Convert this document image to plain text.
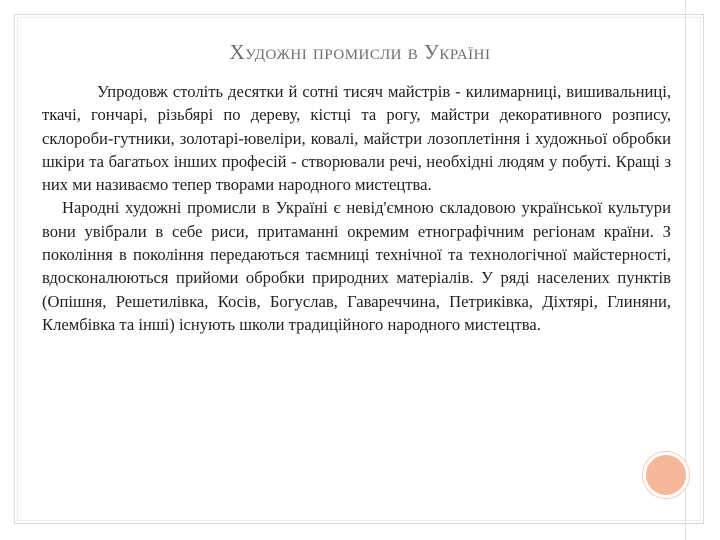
Художні промисли в Україні

Упродовж століть десятки й сотні тисяч майстрів - килимарниці, вишивальниці, ткачі, гончарі, різьбярі по дереву, кістці та рогу, майстри декоративного розпису, склороби-гутники, золотарі-ювеліри, ковалі, майстри лозоплетіння і художньої обробки шкіри та багатьох інших професій - створювали речі, необхідні людям у побуті. Кращі з них ми називаємо тепер творами народного мистецтва.

Народні художні промисли в Україні є невід'ємною складовою української культури вони увібрали в себе риси, притаманні окремим етнографічним регіонам країни. З покоління в покоління передаються таємниці технічної та технологічної майстерності, вдосконалюються прийоми обробки природних матеріалів. У ряді населених пунктів (Опішня, Решетилівка, Косів, Богуслав, Гавареччина, Петриківка, Діхтярі, Глиняни, Клембівка та інші) існують школи традиційного народного мистецтва.
